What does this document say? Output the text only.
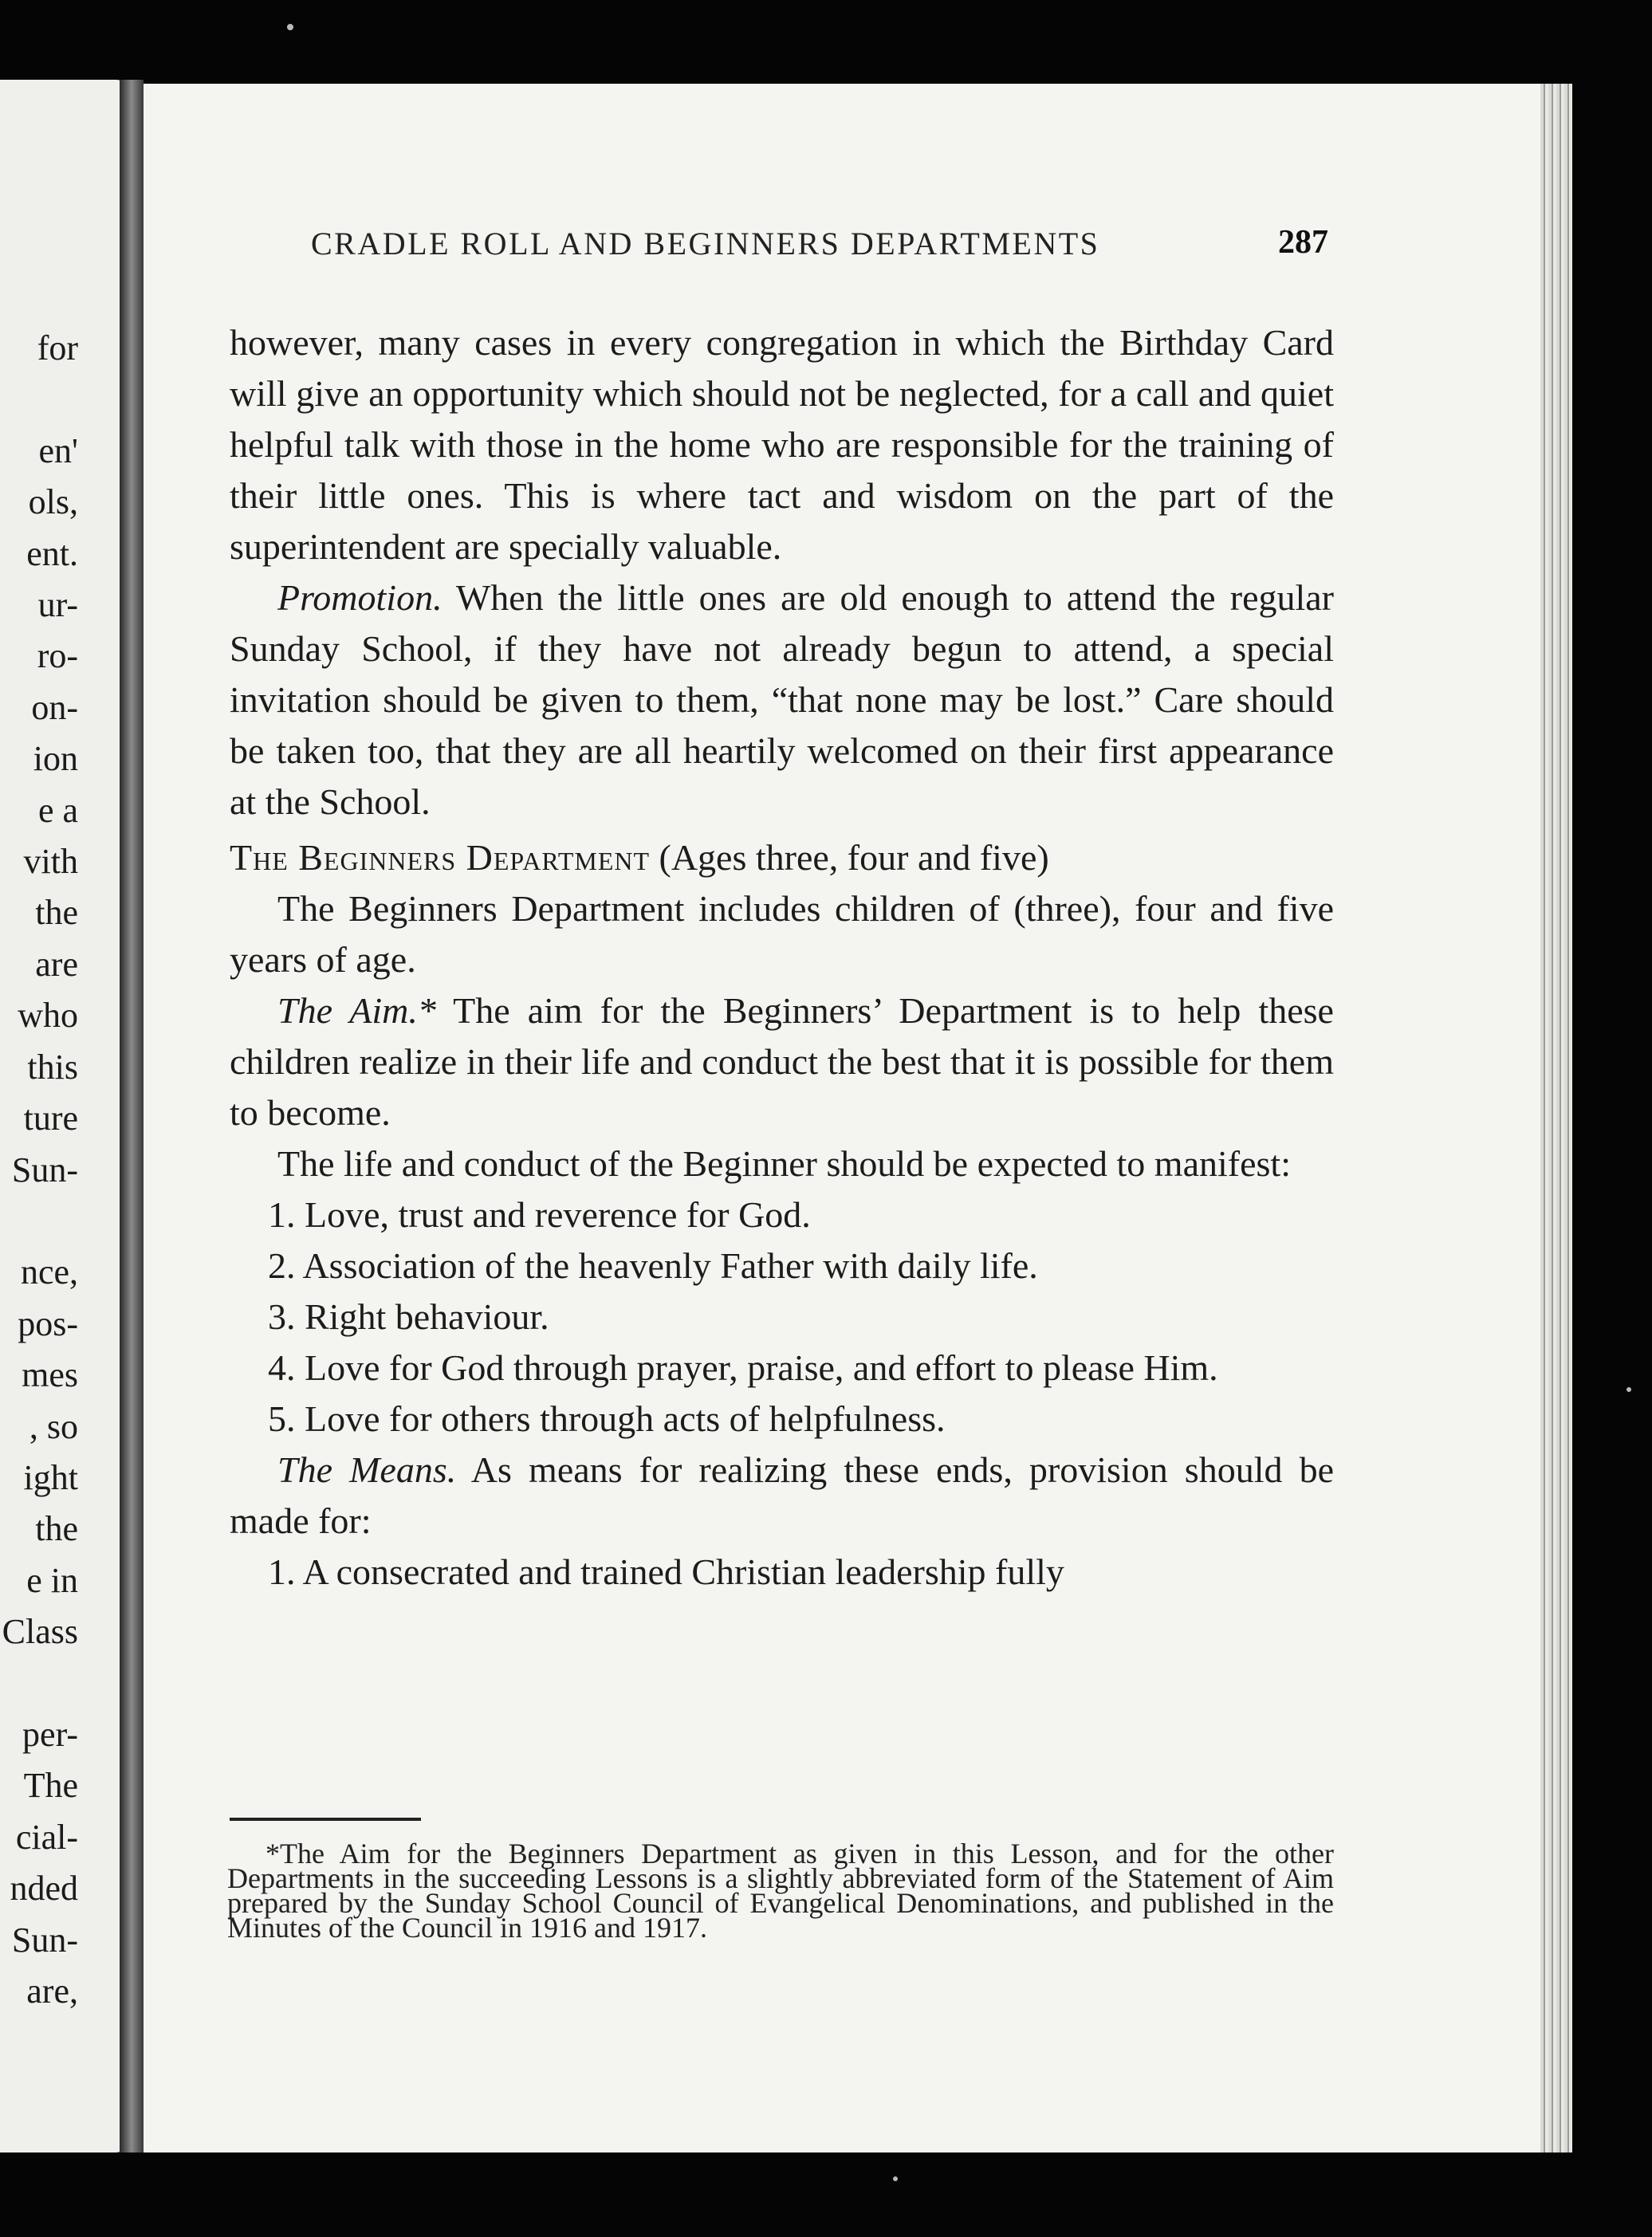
for

en'
ols,
ent.
ur-
ro-
on-
ion
e a
vith
the
are
who
this
ture
Sun-

nce,
pos-
mes
, so
ight
the
e in
Class

per-
The
cial-
nded
Sun-
are,
CRADLE ROLL AND BEGINNERS DEPARTMENTS	287

however, many cases in every congregation in which the Birthday Card will give an opportunity which should not be neglected, for a call and quiet helpful talk with those in the home who are responsible for the training of their little ones. This is where tact and wisdom on the part of the superintendent are specially valuable.

Promotion. When the little ones are old enough to attend the regular Sunday School, if they have not already begun to attend, a special invitation should be given to them, “that none may be lost.” Care should be taken too, that they are all heartily welcomed on their first appearance at the School.

The Beginners Department (Ages three, four and five)

The Beginners Department includes children of (three), four and five years of age.

The Aim.* The aim for the Beginners’ Department is to help these children realize in their life and conduct the best that it is possible for them to become.

The life and conduct of the Beginner should be expected to manifest:

1. Love, trust and reverence for God.

2. Association of the heavenly Father with daily life.

3. Right behaviour.

4. Love for God through prayer, praise, and effort to please Him.

5. Love for others through acts of helpfulness.

The Means. As means for realizing these ends, provision should be made for:

1. A consecrated and trained Christian leadership fully

*The Aim for the Beginners Department as given in this Lesson, and for the other Departments in the succeeding Lessons is a slightly abbreviated form of the Statement of Aim prepared by the Sunday School Council of Evangelical Denominations, and published in the Minutes of the Council in 1916 and 1917.
